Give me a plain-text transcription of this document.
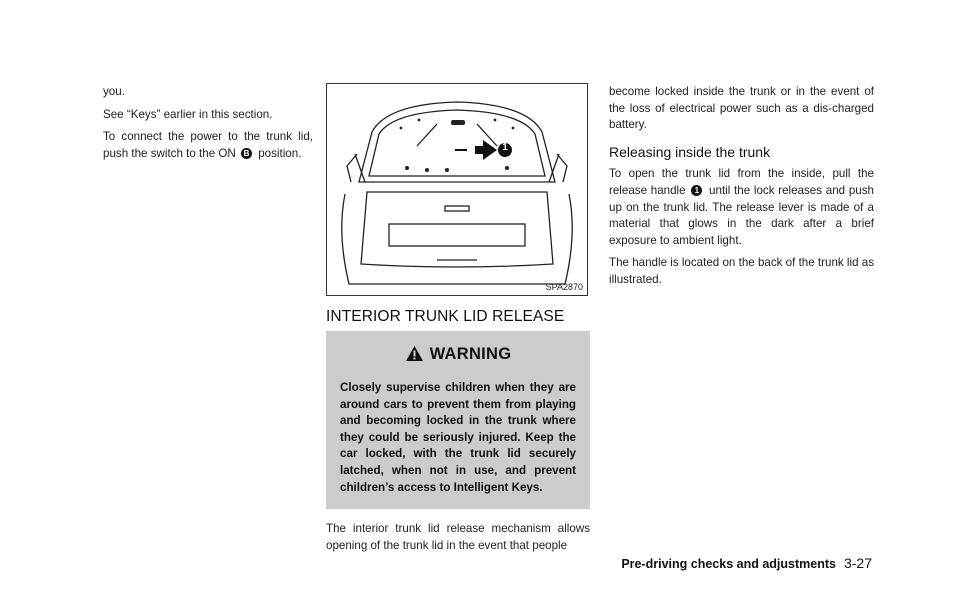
you.

See “Keys” earlier in this section.

To connect the power to the trunk lid, push the switch to the ON B position.	1
SPA2870
INTERIOR TRUNK LID RELEASE
WARNING

Closely supervise children when they are around cars to prevent them from playing and becoming locked in the trunk where they could be seriously injured. Keep the car locked, with the trunk lid securely latched, when not in use, and prevent children’s access to Intelligent Keys.

The interior trunk lid release mechanism allows opening of the trunk lid in the event that people

become locked inside the trunk or in the event of the loss of electrical power such as a dis-charged battery.

Releasing inside the trunk

To open the trunk lid from the inside, pull the release handle 1 until the lock releases and push up on the trunk lid. The release lever is made of a material that glows in the dark after a brief exposure to ambient light.

The handle is located on the back of the trunk lid as illustrated.

Pre-driving checks and adjustments 3-27
